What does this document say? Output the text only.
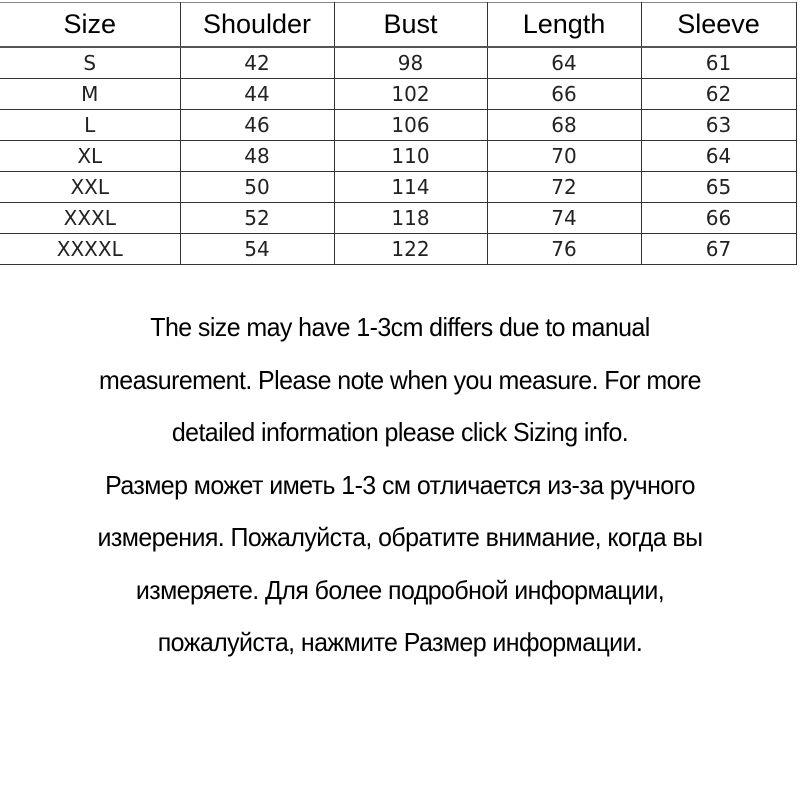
Size	Shoulder	Bust	Length	Sleeve
S	42	98	64	61
M	44	102	66	62
L	46	106	68	63
XL	48	110	70	64
XXL	50	114	72	65
XXXL	52	118	74	66
XXXXL	54	122	76	67
The size may have 1-3cm differs due to manual
measurement. Please note when you measure. For more
detailed information please click Sizing info.
Размер может иметь 1-3 см отличается из-за ручного
измерения. Пожалуйста, обратите внимание, когда вы
измеряете. Для более подробной информации,
пожалуйста, нажмите Размер информации.
